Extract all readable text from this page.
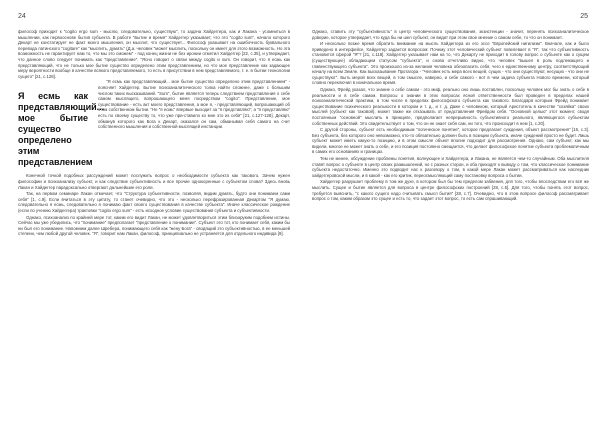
24

философ приходит к "cogito ergo sum - мыслю, следовательно, существую", то задача Хайдеггера, как и Лакана - усомниться в мышлении, как первоосновe бытия субъекта. В работе "Бытие и время" Хайдеггер указывает, что это "cogito sum", начало которого Декарт не констатирует не факт моего мышления, он мыслит, что существует... Философ указывает на ошибочность буквального перевода латинского "cogitare" как "мыслить, думать" (Д.а. человек "может мыслить, поскольку он имеет для этого возможность. Но эта возможность не гарантирует нам то, что мы это сможем" - под конец жизни не без иронии отметил Хайдеггер [22, с.35], и утверждает, что данное слово следует понимать как "представление". "Ясно говорит о связи между cogito и sum. Он говорит, что я есмь как представляющий, что не только мое бытие существо определено этим представлением, но что мое представление как задающее меру вероятности вообще в качестве всякого представляемого, то есть в присутствии в нем представляемого, т. е. в бытии технологии сущего" [21, с.128].

Я есмь как представляющий... мое бытие существо определено этим представлением

"Я есмь как представляющий... мое бытие существо определено этим представлением" - поясняет Хайдеггер. Бытие психоаналитического толка найти сложнее, даже с большим числом таких высказываний. "Sum", бытие является теперь следствием представления о себе самом мыслящего, вопрошающего меня посредством "cogito". Представление, мое существование - есть акт моего представления, а мое я, - представляющий, вопрошающий об этом собственном бытии. "Не "я есмь" впервые выходит за "я представляю"; а "я представляю" есть по своему существу то, что уже при-ставило ко мне это из себя" [21, с.127-128]. Декарт, обманув которого как Бога к Декарт, оказался он сам, обманывая себя самого на счет собственного мышления и собственной мыслящей инстанции.

Конечной точкой подобных рассуждений может послужить вопрос о необходимости субъекта как такового. Зачем нужен философии и психоанализу субъект, и как следствие субъективность и все прочие однокоренные с субъектом слова? Здесь вновь Лакан и Хайдеггер парадоксально отвергают дальнейшие его роли.

Так, на первом семинаре Лакан отмечает, что "Структура субъективности, позволяя, видим думать, будто они понимаем сами себя" [1, с.9]. Если вчитаться в эту цитату, то станет очевидно, что это - несколько перефразированная Декартом "Я думаю, следовательно я есмь, следовательно я понимаю факт своего существования в качестве субъекта". Иначе классическое рождение (если по учению Хайдеггера) трактовки "cogito ergo sum" - есть исходное условие существования субъекта и субъективности.

Однако, психоанализ по крайней мере тот, каким его видит Лакан, не может удовлетвориться этим близоруким подобием истины. Сейчас мы уже убедились, что "понимание" предполагает "представление о понимании". Субъект это тот, кто понимает себя, каким бы ни был его понимание. Напомним далее Шребера, понимающего себя как "жену Бога" - сводящий это субъективностью, в ее меньшей степени, чем любой другой человек. "Я", говорит нам Лакан, философ, принципиально не устраняется для отдельного индивида [9].

25

Однако, ставить эту "субъективность" в центр человеческого существования, экзистенции - значит, перенять психоаналитическое доверие, которое утверждает, что куда бы ни шел субъект, он видит при этом свое мнение о самом себе, то что он понимает.

И несколько позже время обратить внимание на мысль Хайдеггера из его эссе "Европейский нигилизм". Вначале, как и было приведено в интерфейсе, Хайдеггер задается вопросом: Почему этот человеческий субъект повелевает в "Я", так что субъективность становится сферой "Я"? [21, с.118]. Хайдеггер указывает нам на то, что Декарту не приходит в голову вопрос о субъекте как о сущем (существующее) обладающем статусом "субъекта", и снова отчетливо видно, что человек "вышел в роль подлежащего и главенствующего субъекта". Это произошло из-за желания человека обезопасить себя, чего к единственному центру, соответствующий началу на всем Земле. Как высказывание Протагора - "Человек есть мера всех вещей, сущих - что они существуют, несущих - что они не существуют". Быть мерой всех вещей, в том смысле, наверно, и себе самого - вот в чем задача субъекта Нового времени, который словно переключил в изначальное время.

Однако, Фрейд указал, что знание о себе самом - это миф, реально оно лишь поставлен, поскольку человек мог бы знать о себе в реальности и в себе самом. Вопросы о знании в этих вопросах ясной ответственности был проведен в пределах нашей психоаналитической практики, в том числе в пределах философского субъекта как такового. Благодаря которым Фрейд понимает существование психического реальности в котором и т. д., и т. д. Даже с человеком, который Аристотель в качестве "хозяйка" своих мыслей (субъект как таковой), может также же отказывать от представления Фрейдом себя. "Основной целью" этот момент, сводя постоянным "основной" мыслить в принципе, предполагает непрерывность субъективного реального, являющегося субъектом собственных действий. Это свидетельствует о том, что он не знает себя сам, ни того, что происходит в нем [1, с.20].

С другой стороны, субъект есть необходимым "логическое понятие", которое предлагает суждения, объект рассмотрения" [15, с.3]. Без субъекта, без которого оно невозможно, кто-то обязательно должен быть в позиции субъекта, иначе суждений просто не будет. Лишь субъект может иметь какую-то позицию, и в этом смысле объект вполне подходит для рассмотрения. Однако, сам субъект, как мы видели, многое не может знать о себе, и его позиция постоянно смещается, что делает философское понятие субъекта проблематичным в самих его основаниях и границах.

Тем не менее, обсуждение проблемы понятия, волнующее и Хайдеггера, и Лакана, не является чем-то случайным. Оба мыслителя ставят вопрос о субъекте в центр своих размышлений, но с разных сторон, и оба приходят к выводу о том, что классическое понимание субъекта недостаточно. Именно это подводит нас к разговору о том, в какой мере Лакан может рассматриваться как наследник хайдеггеровской мысли, и в какой - как его критик, переосмысляющий саму постановку вопроса о бытии.

Хайдеггер разрушает проблему в том же духе, в котором был бы тем пределом забвения, для того, чтобы впоследствии его всё же мыслить. Сущее и бытие является для вопроса в центре философских построений [28, с.5]. Для того, чтобы понять этот вопрос, требуется выяснить, "с какого сущего надо считывать смысл бытия" [28, с.7]. Очевидно, что в этом вопросе философ рассматривает вопрос о том, каким образом это сущее и есть то, что задает этот вопрос, то есть сам спрашивающий.
